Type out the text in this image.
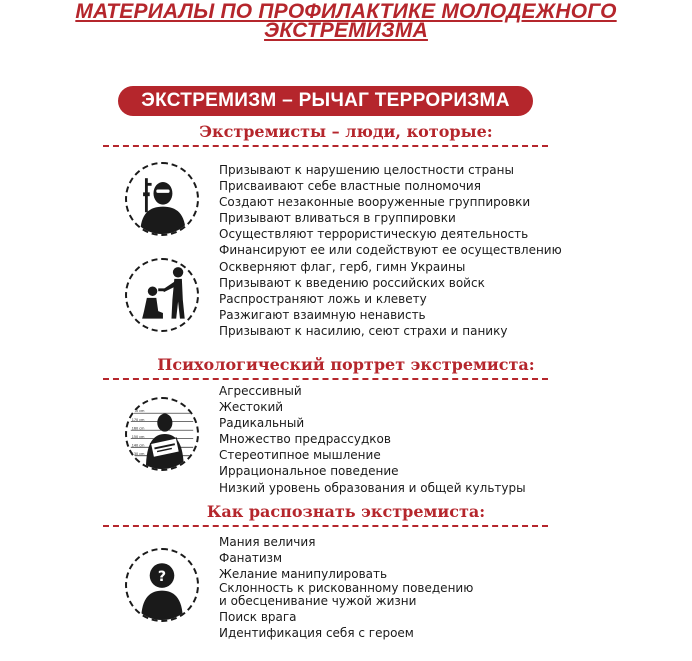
МАТЕРИАЛЫ ПО ПРОФИЛАКТИКЕ МОЛОДЕЖНОГО
ЭКСТРЕМИЗМА
ЭКСТРЕМИЗМ – РЫЧАГ ТЕРРОРИЗМА
Экстремисты – люди, которые:
Призывают к нарушению целостности страны
Присваивают себе властные полномочия
Создают незаконные вооруженные группировки
Призывают вливаться в группировки
Осуществляют террористическую деятельность
Финансируют ее или содействуют ее осуществлению
Оскверняют флаг, герб, гимн Украины
Призывают к введению российских войск
Распространяют ложь и клевету
Разжигают взаимную ненависть
Призывают к насилию, сеют страхи и панику
Психологический портрет экстремиста:
180 cm
170 cm
160 cm
150 cm
140 cm
130 cm
Агрессивный
Жестокий
Радикальный
Множество предрассудков
Стереотипное мышление
Иррациональное поведение
Низкий уровень образования и общей культуры
Как распознать экстремиста:
?
Мания величия
Фанатизм
Желание манипулировать
Склонность к рискованному поведению и обесценивание чужой жизни
Поиск врага
Идентификация себя с героем
